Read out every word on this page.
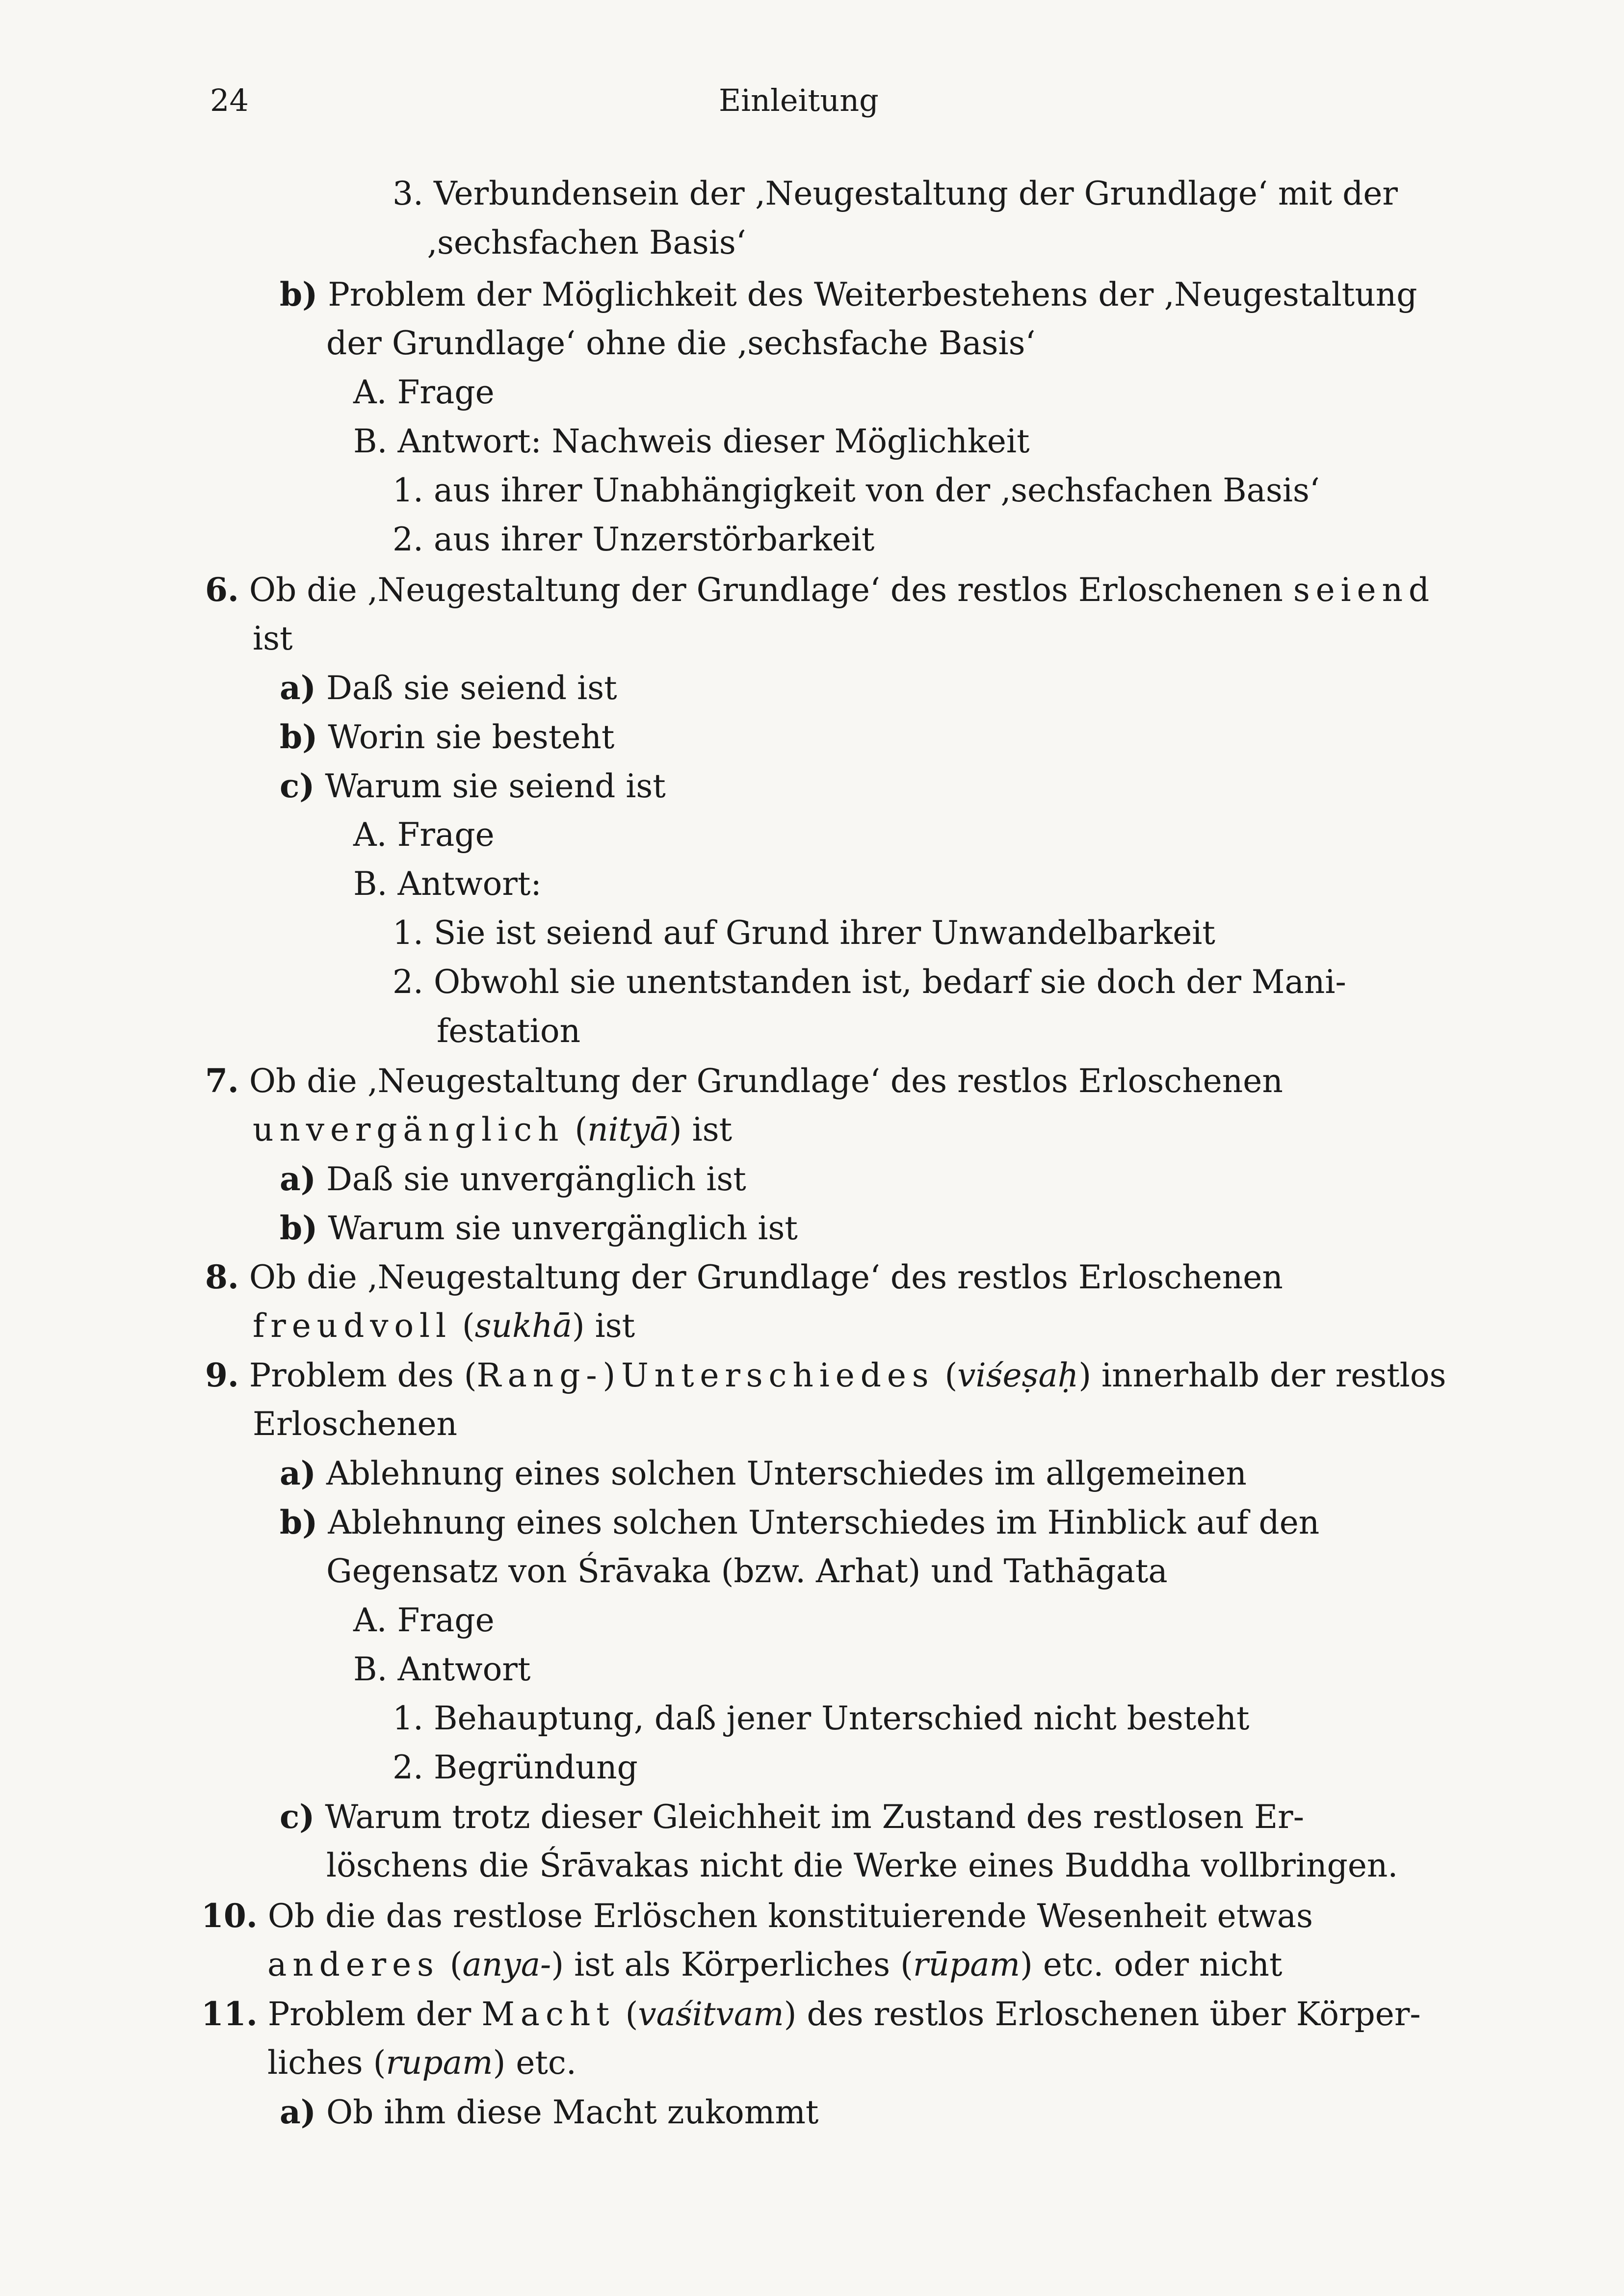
24	Einleitung
3. Verbundensein der ‚Neugestaltung der Grundlage‘ mit der
‚sechsfachen Basis‘
b) Problem der Möglichkeit des Weiterbestehens der ‚Neugestaltung
der Grundlage‘ ohne die ‚sechsfache Basis‘
A. Frage
B. Antwort: Nachweis dieser Möglichkeit
1. aus ihrer Unabhängigkeit von der ‚sechsfachen Basis‘
2. aus ihrer Unzerstörbarkeit
6. Ob die ‚Neugestaltung der Grundlage‘ des restlos Erloschenen seiend
ist
a) Daß sie seiend ist
b) Worin sie besteht
c) Warum sie seiend ist
A. Frage
B. Antwort:
1. Sie ist seiend auf Grund ihrer Unwandelbarkeit
2. Obwohl sie unentstanden ist, bedarf sie doch der Mani-
festation
7. Ob die ‚Neugestaltung der Grundlage‘ des restlos Erloschenen
unvergänglich (nityā) ist
a) Daß sie unvergänglich ist
b) Warum sie unvergänglich ist
8. Ob die ‚Neugestaltung der Grundlage‘ des restlos Erloschenen
freudvoll (sukhā) ist
9. Problem des (Rang-)Unterschiedes (viśeṣaḥ) innerhalb der restlos
Erloschenen
a) Ablehnung eines solchen Unterschiedes im allgemeinen
b) Ablehnung eines solchen Unterschiedes im Hinblick auf den
Gegensatz von Śrāvaka (bzw. Arhat) und Tathāgata
A. Frage
B. Antwort
1. Behauptung, daß jener Unterschied nicht besteht
2. Begründung
c) Warum trotz dieser Gleichheit im Zustand des restlosen Er-
löschens die Śrāvakas nicht die Werke eines Buddha vollbringen.
10. Ob die das restlose Erlöschen konstituierende Wesenheit etwas
anderes (anya-) ist als Körperliches (rūpam) etc. oder nicht
11. Problem der Macht (vaśitvam) des restlos Erloschenen über Körper-
liches (rupam) etc.
a) Ob ihm diese Macht zukommt
